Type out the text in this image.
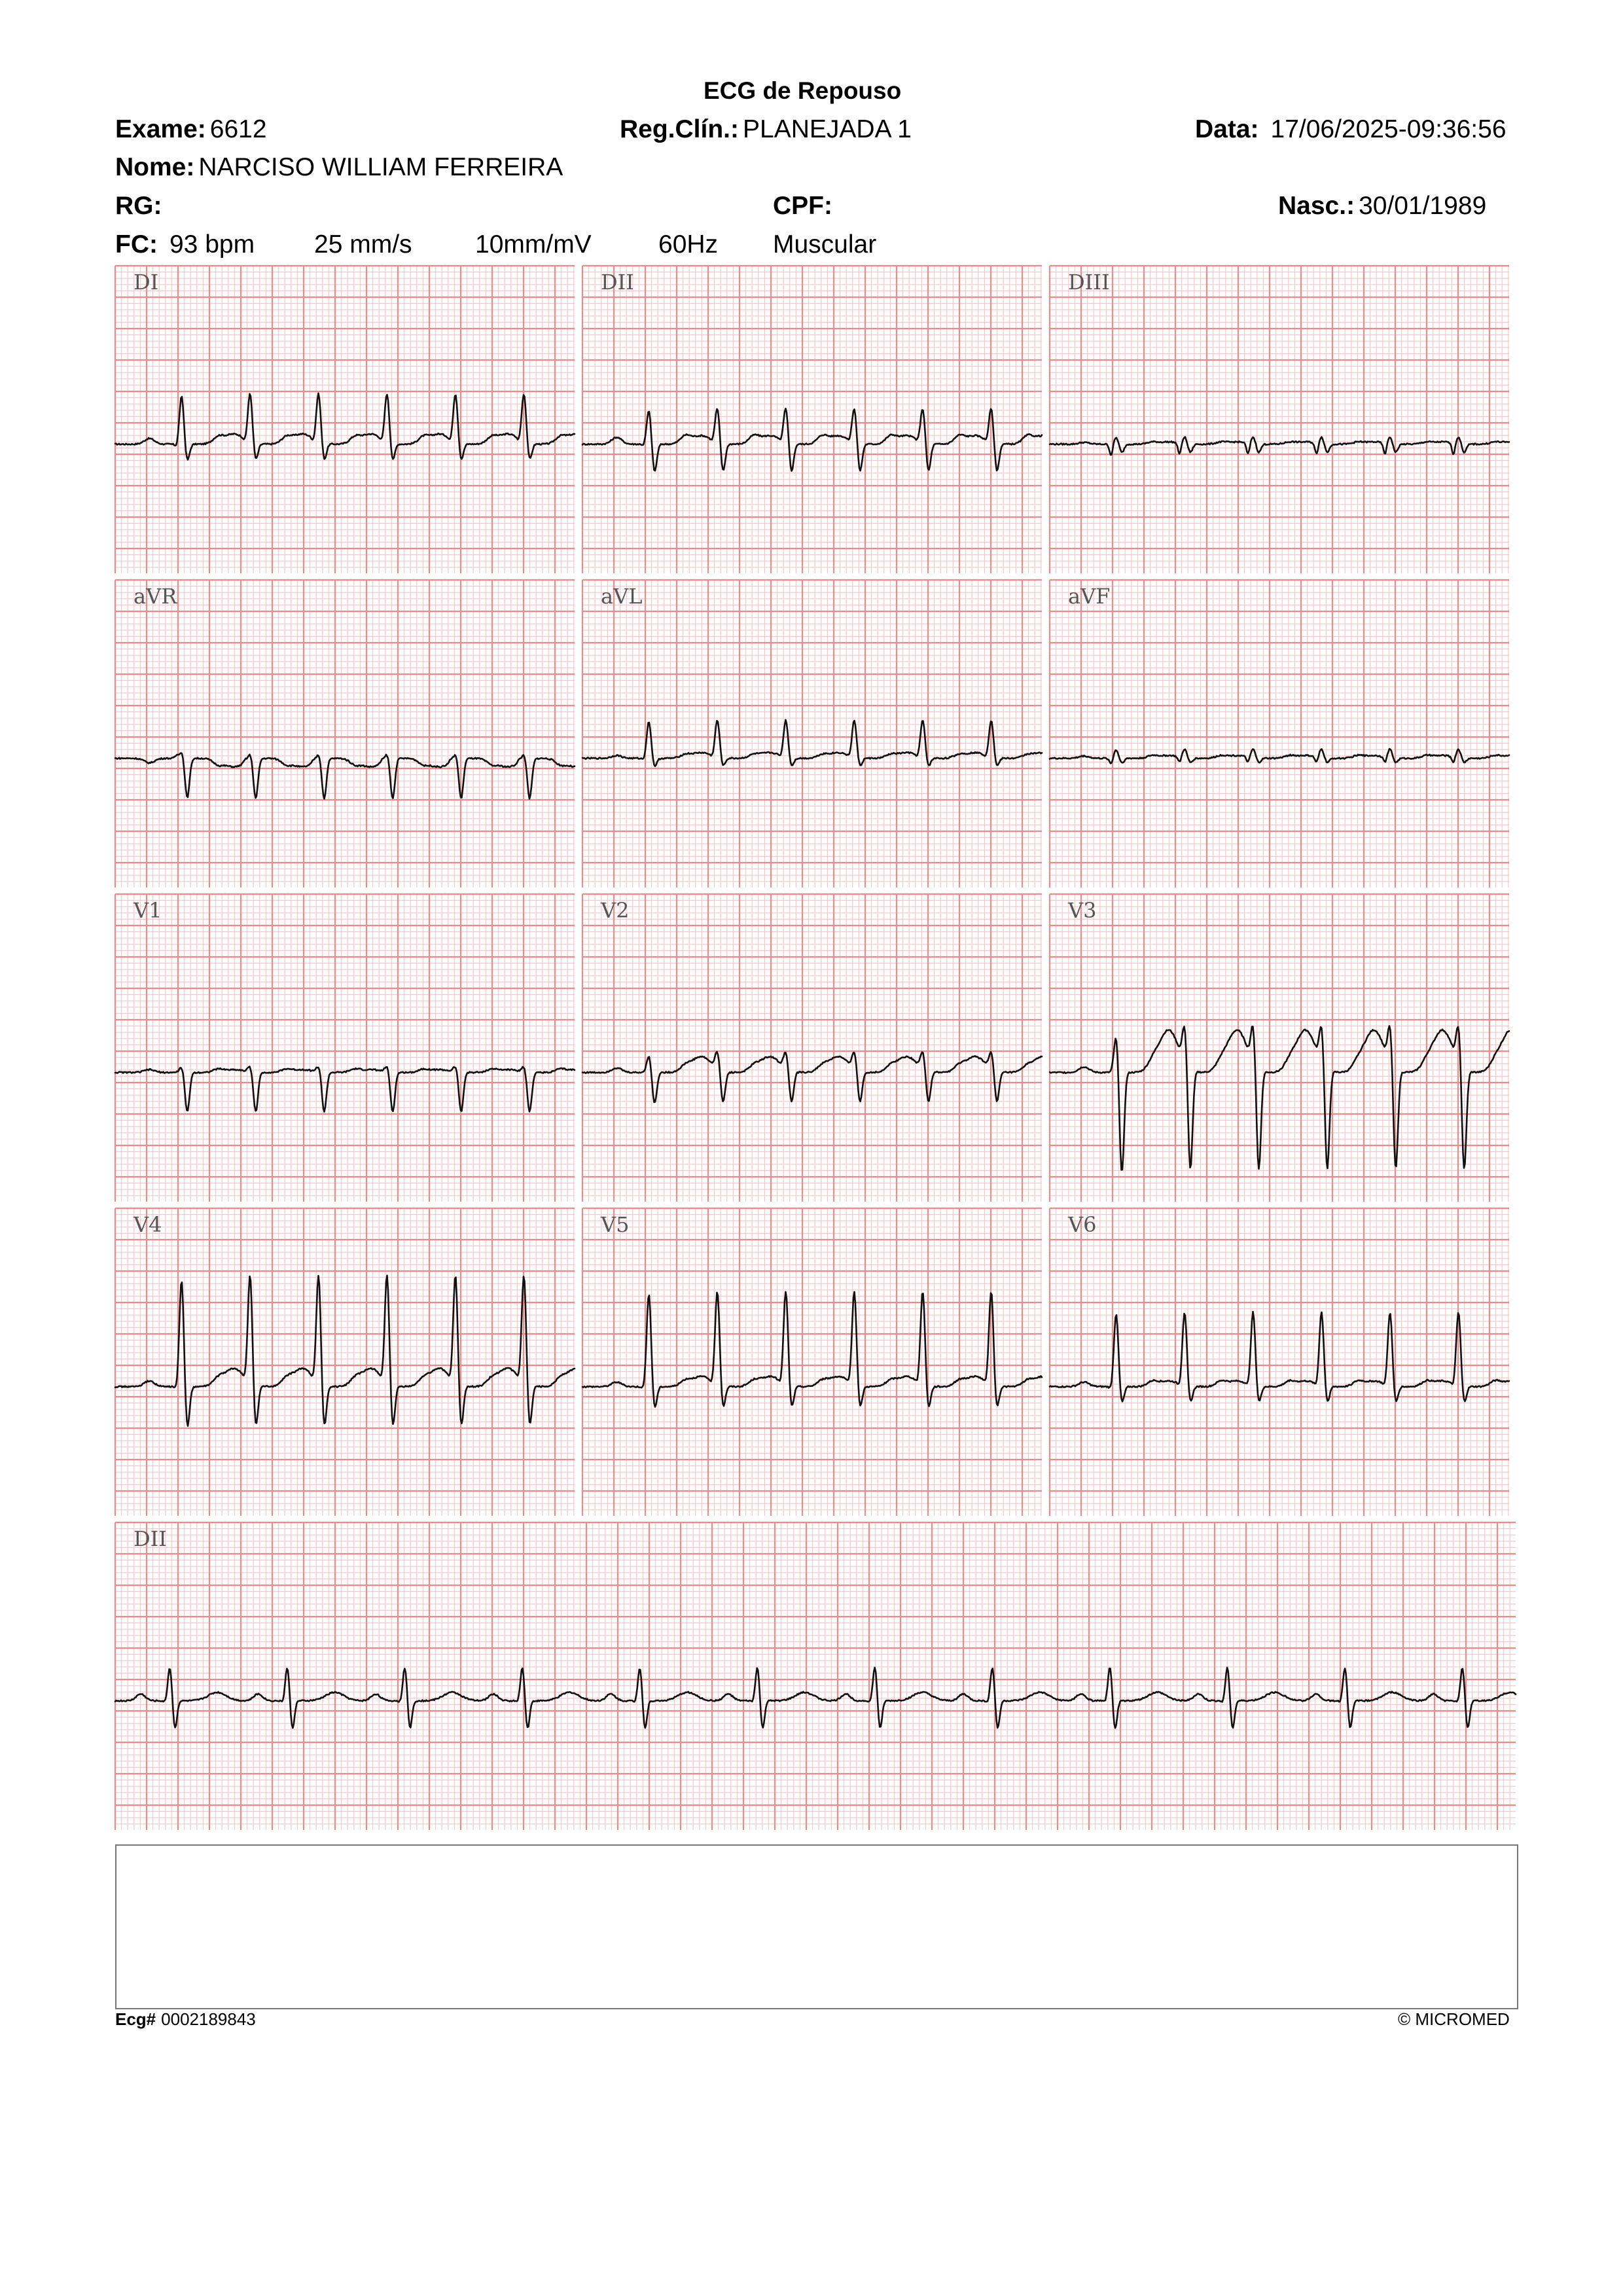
ECG de Repouso
Exame: 6612	Reg.Clín.: PLANEJADA 1	Data: 17/06/2025-09:36:56
Nome: NARCISO WILLIAM FERREIRA
RG:	CPF:	Nasc.: 30/01/1989
FC: 93 bpm 25 mm/s 10mm/mV	60Hz Muscular
DI	DII	DIII
aVR	aVL	aVF
V1	V2	V3
V4	V5	V6
DII
Ecg# 0002189843	© MICROMED
